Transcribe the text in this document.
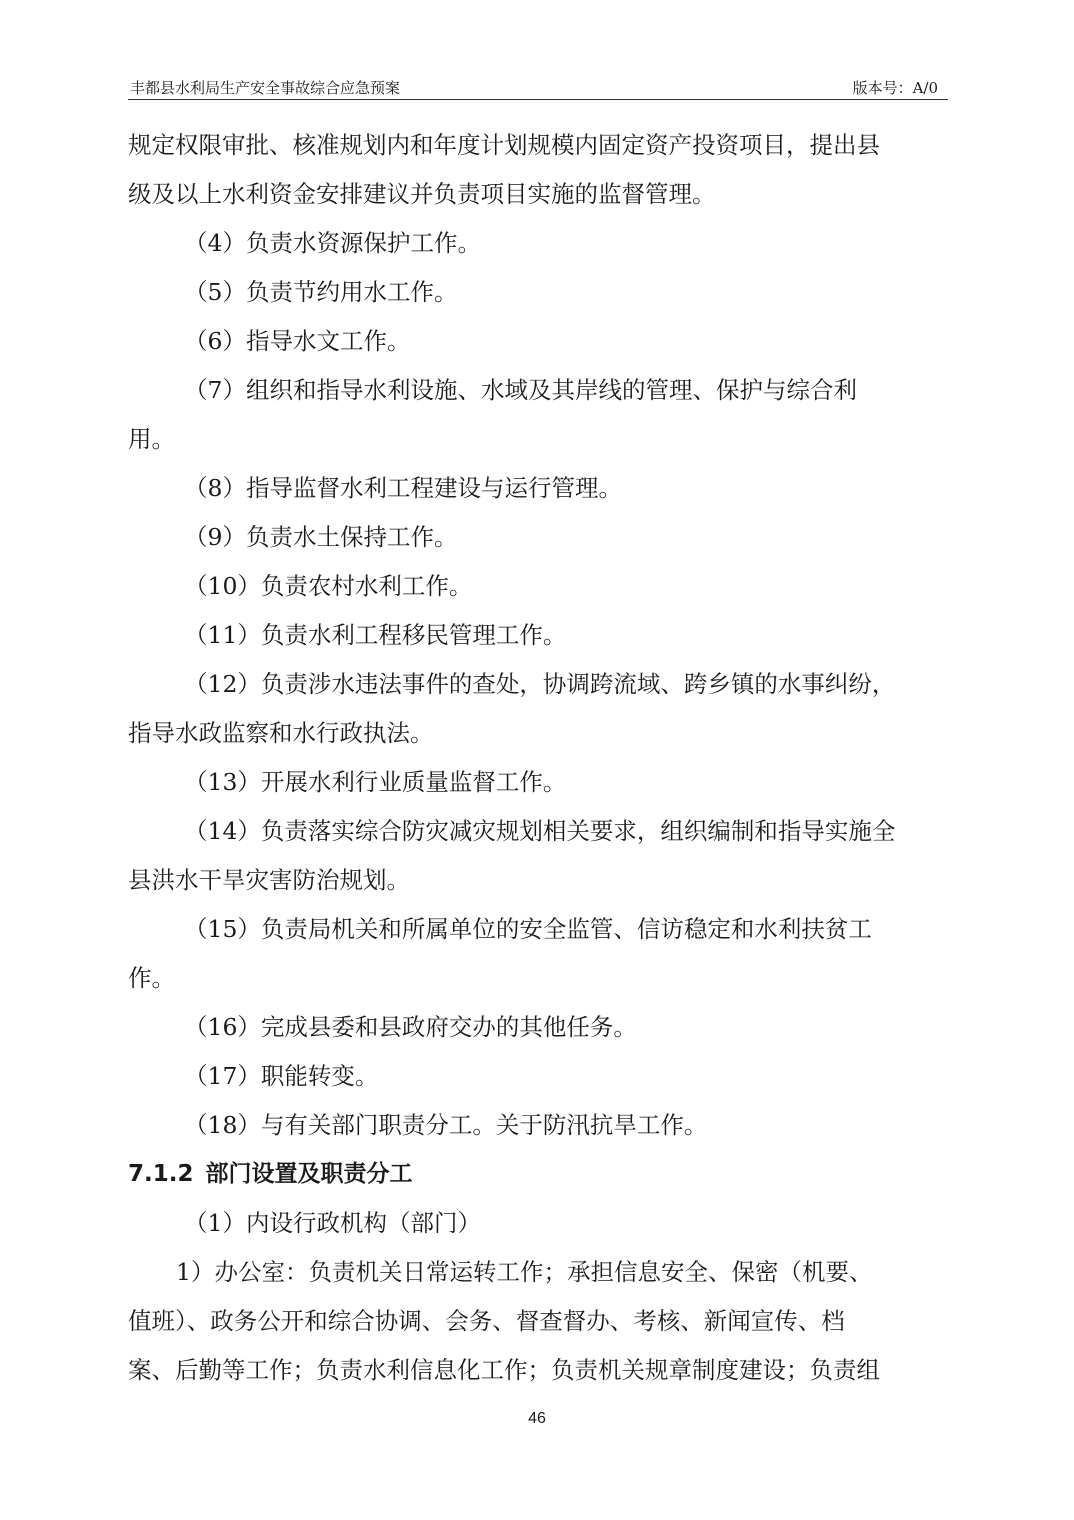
丰都县水利局生产安全事故综合应急预案	版本号：A/0
规定权限审批、核准规划内和年度计划规模内固定资产投资项目，提出县
级及以上水利资金安排建议并负责项目实施的监督管理。
（4）负责水资源保护工作。
（5）负责节约用水工作。
（6）指导水文工作。
（7）组织和指导水利设施、水域及其岸线的管理、保护与综合利
用。
（8）指导监督水利工程建设与运行管理。
（9）负责水土保持工作。
（10）负责农村水利工作。
（11）负责水利工程移民管理工作。
（12）负责涉水违法事件的查处，协调跨流域、跨乡镇的水事纠纷，
指导水政监察和水行政执法。
（13）开展水利行业质量监督工作。
（14）负责落实综合防灾减灾规划相关要求，组织编制和指导实施全
县洪水干旱灾害防治规划。
（15）负责局机关和所属单位的安全监管、信访稳定和水利扶贫工
作。
（16）完成县委和县政府交办的其他任务。
（17）职能转变。
（18）与有关部门职责分工。关于防汛抗旱工作。
7.1.2 部门设置及职责分工
（1）内设行政机构（部门）
1）办公室：负责机关日常运转工作；承担信息安全、保密（机要、
值班）、政务公开和综合协调、会务、督查督办、考核、新闻宣传、档
案、后勤等工作；负责水利信息化工作；负责机关规章制度建设；负责组
46
